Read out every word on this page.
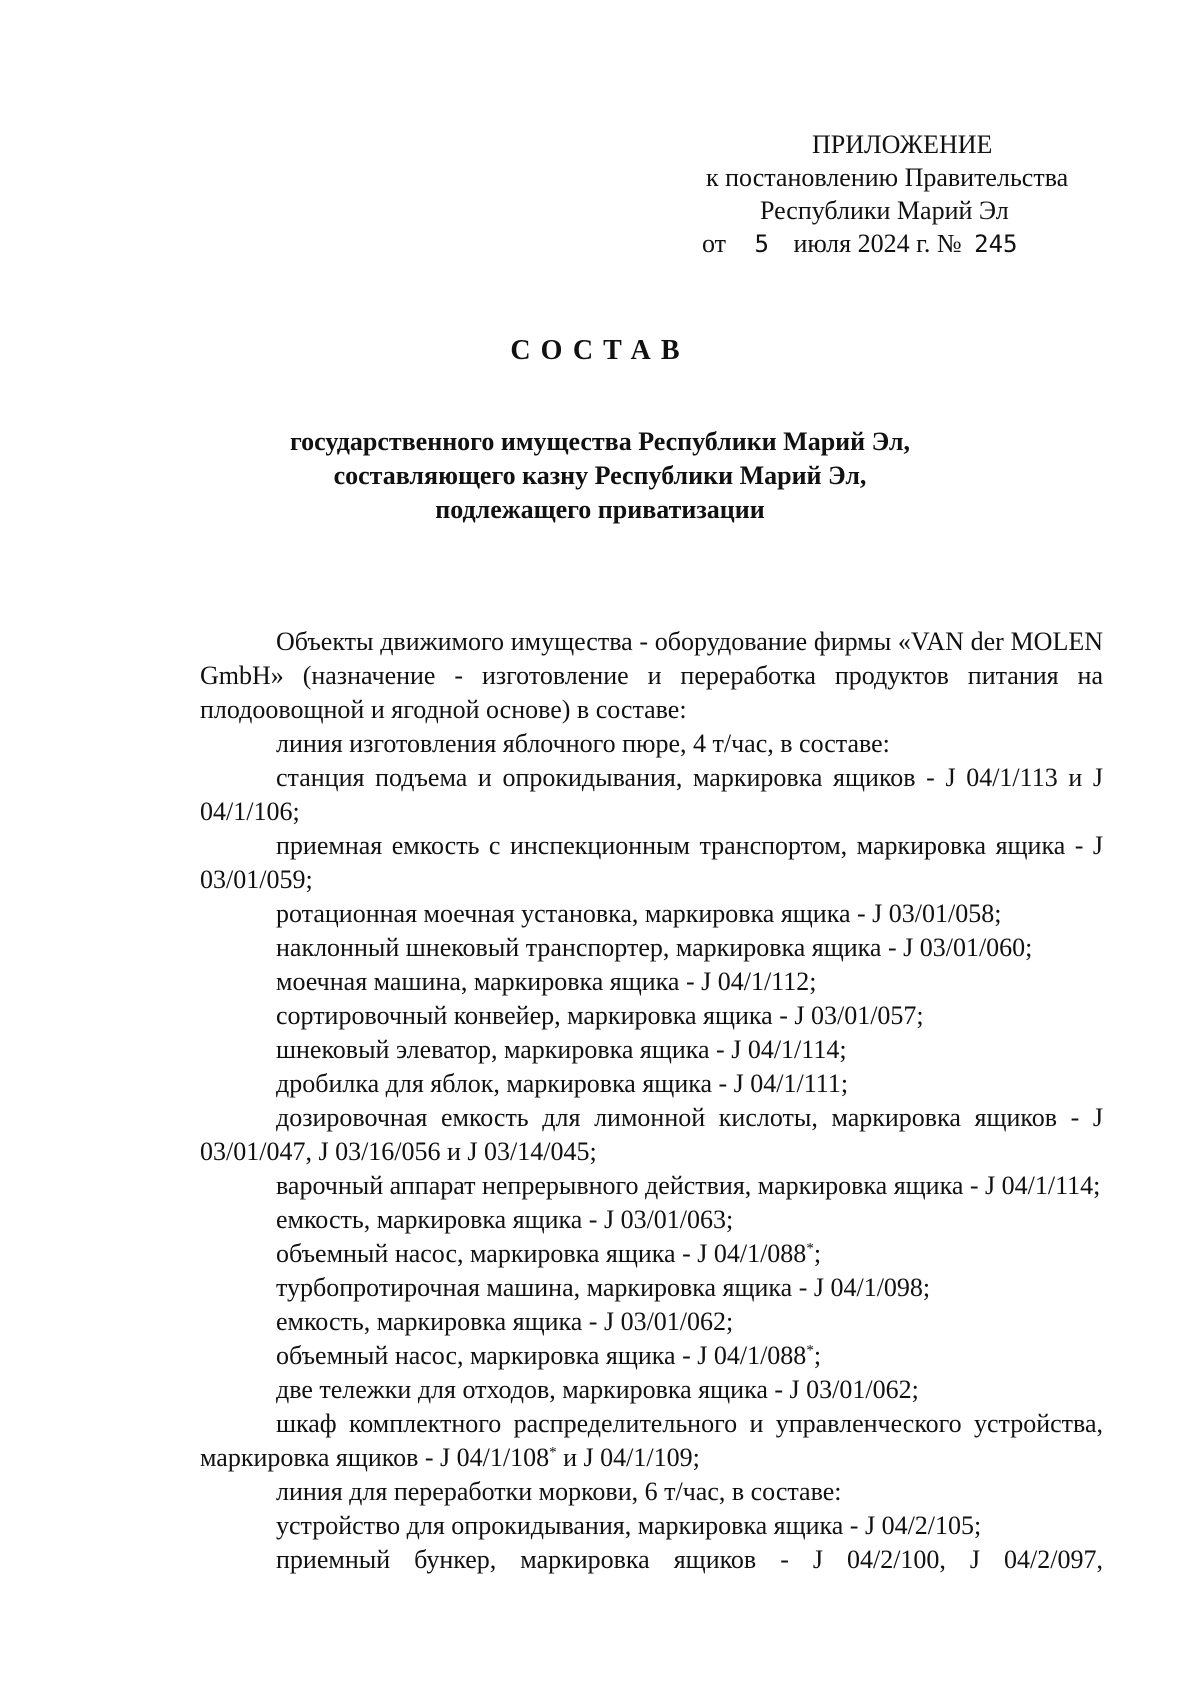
ПРИЛОЖЕНИЕ
к постановлению Правительства
Республики Марий Эл
от 5 июля 2024 г. № 245
СОСТАВ
государственного имущества Республики Марий Эл,
составляющего казну Республики Марий Эл,
подлежащего приватизации

Объекты движимого имущества - оборудование фирмы «VAN der MOLEN GmbH» (назначение - изготовление и переработка продуктов питания на плодоовощной и ягодной основе) в составе:

линия изготовления яблочного пюре, 4 т/час, в составе:

станция подъема и опрокидывания, маркировка ящиков - J 04/1/113 и J 04/1/106;

приемная емкость с инспекционным транспортом, маркировка ящика - J 03/01/059;

ротационная моечная установка, маркировка ящика - J 03/01/058;

наклонный шнековый транспортер, маркировка ящика - J 03/01/060;

моечная машина, маркировка ящика - J 04/1/112;

сортировочный конвейер, маркировка ящика - J 03/01/057;

шнековый элеватор, маркировка ящика - J 04/1/114;

дробилка для яблок, маркировка ящика - J 04/1/111;

дозировочная емкость для лимонной кислоты, маркировка ящиков - J 03/01/047, J 03/16/056 и J 03/14/045;

варочный аппарат непрерывного действия, маркировка ящика - J 04/1/114;

емкость, маркировка ящика - J 03/01/063;

объемный насос, маркировка ящика - J 04/1/088*;

турбопротирочная машина, маркировка ящика - J 04/1/098;

емкость, маркировка ящика - J 03/01/062;

объемный насос, маркировка ящика - J 04/1/088*;

две тележки для отходов, маркировка ящика - J 03/01/062;

шкаф комплектного распределительного и управленческого устройства, маркировка ящиков - J 04/1/108* и J 04/1/109;

линия для переработки моркови, 6 т/час, в составе:

устройство для опрокидывания, маркировка ящика - J 04/2/105;

приемный бункер, маркировка ящиков - J 04/2/100, J 04/2/097,
